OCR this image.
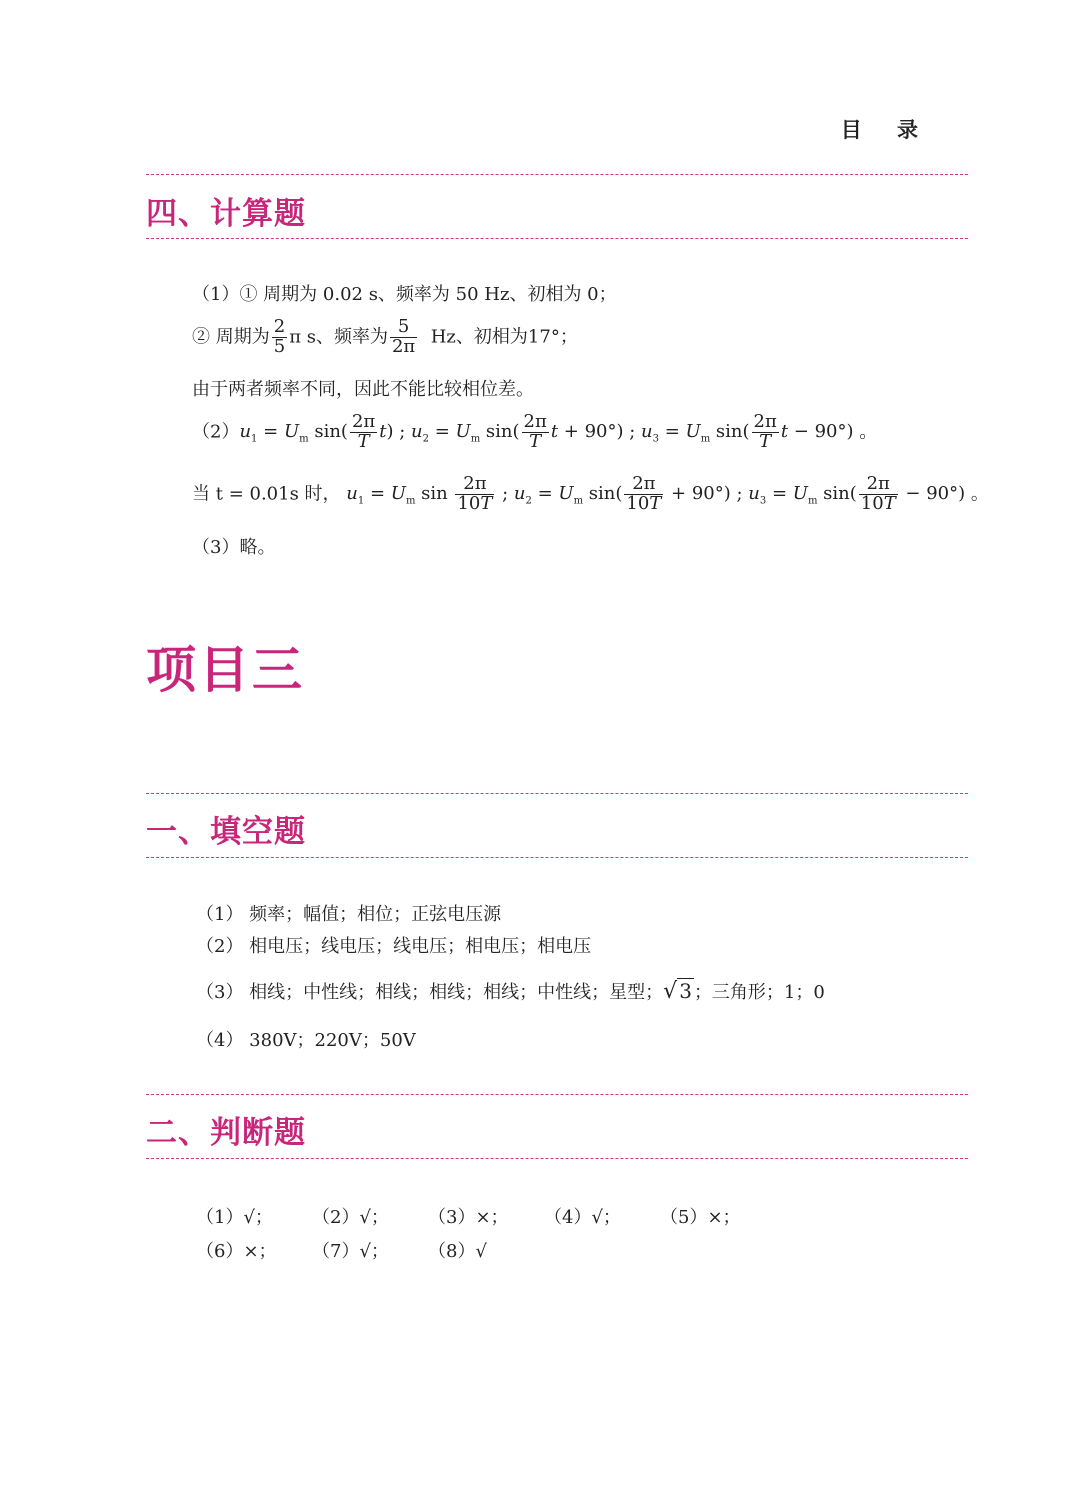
目 录
四、计算题
（1）① 周期为 0.02 s、频率为 50 Hz、初相为 0；
② 周期为 $\frac{2}{5}$ π s、频率为 $\frac{5}{2\pi}$ Hz、初相为17°；
由于两者频率不同，因此不能比较相位差。
$(2)u_1 = U_m$ $\sin( \frac{2\pi}{T} t)$ ; $u_2 = U_m$ $\sin( \frac{2\pi}{T}$ t + 90°) ; $u_3 = U_m$ $\sin( \frac{2\pi}{T}$ t − 90°) 。
当 t = 0.01s 时， $u_1 = U_m$ $\sin \frac{2\pi}{10T}$ ; $u_2 = U_m$ $\sin( \frac{2\pi}{10T} + 90^\circ)$ ; $u_3 = U_m$ $\sin( \frac{2\pi}{10T} - 90^\circ)$ 。
（3）略。
项目三
一、填空题
（1） 频率；幅值；相位；正弦电压源
（2） 相电压；线电压；线电压；相电压；相电压
（3） 相线；中性线；相线；相线；相线；中性线；星型；√ 3 ；三角形；1；0
（4） 380V；220V；50V
二、判断题
（1）√； （2）√； （3）×； （4）√； （5）×；
（6）×； （7）√； （8）√
